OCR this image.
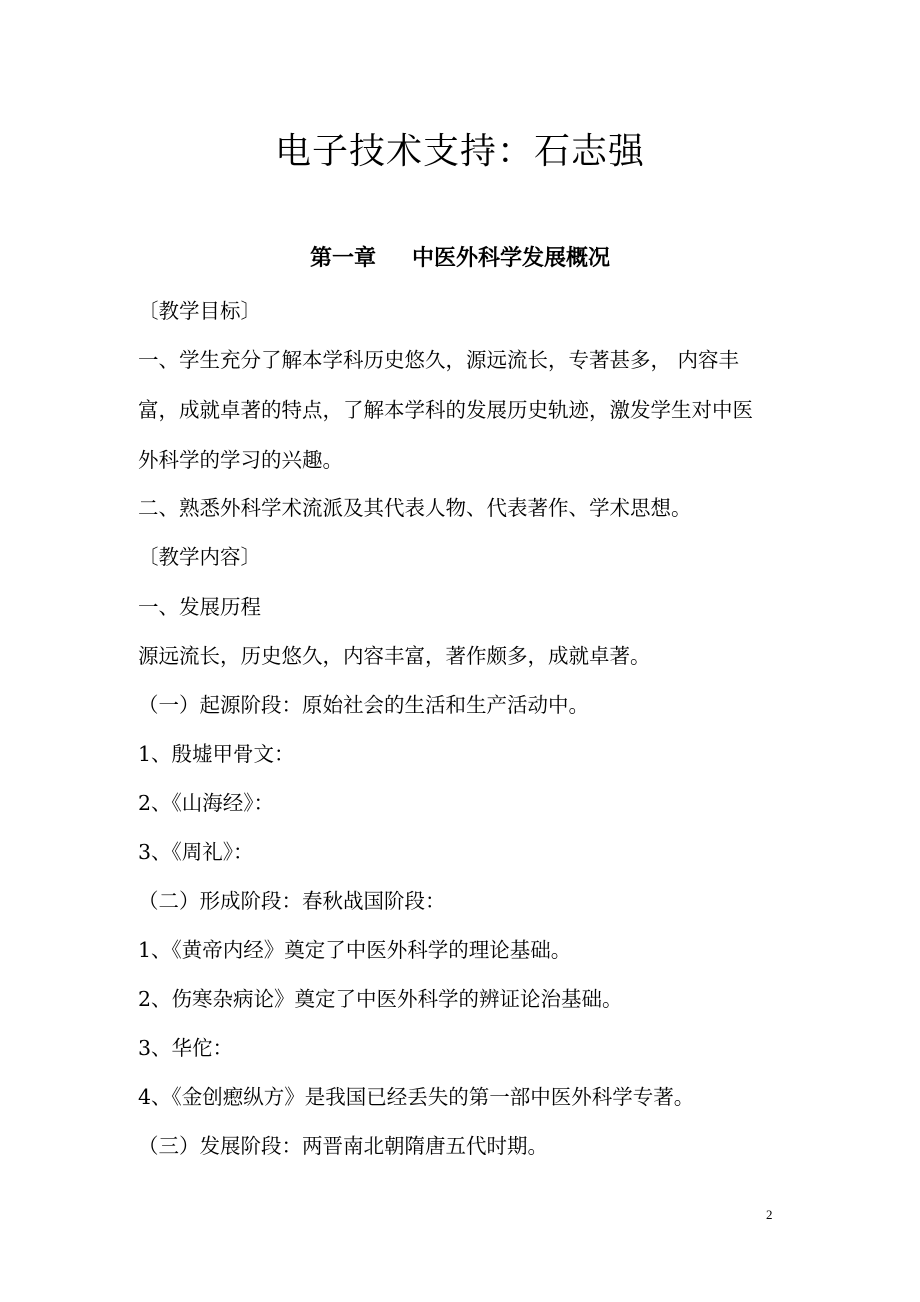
电子技术支持：石志强
第一章 中医外科学发展概况
〔教学目标〕
一、学生充分了解本学科历史悠久，源远流长，专著甚多， 内容丰
富，成就卓著的特点，了解本学科的发展历史轨迹，激发学生对中医
外科学的学习的兴趣。
二、熟悉外科学术流派及其代表人物、代表著作、学术思想。
〔教学内容〕
一、发展历程
源远流长，历史悠久，内容丰富，著作颇多，成就卓著。
（一）起源阶段：原始社会的生活和生产活动中。
1、殷墟甲骨文：
2、《山海经》：
3、《周礼》：
（二）形成阶段：春秋战国阶段：
1、《黄帝内经》奠定了中医外科学的理论基础。
2、伤寒杂病论》奠定了中医外科学的辨证论治基础。
3、华佗：
4、《金创瘛纵方》是我国已经丢失的第一部中医外科学专著。
（三）发展阶段：两晋南北朝隋唐五代时期。
2
